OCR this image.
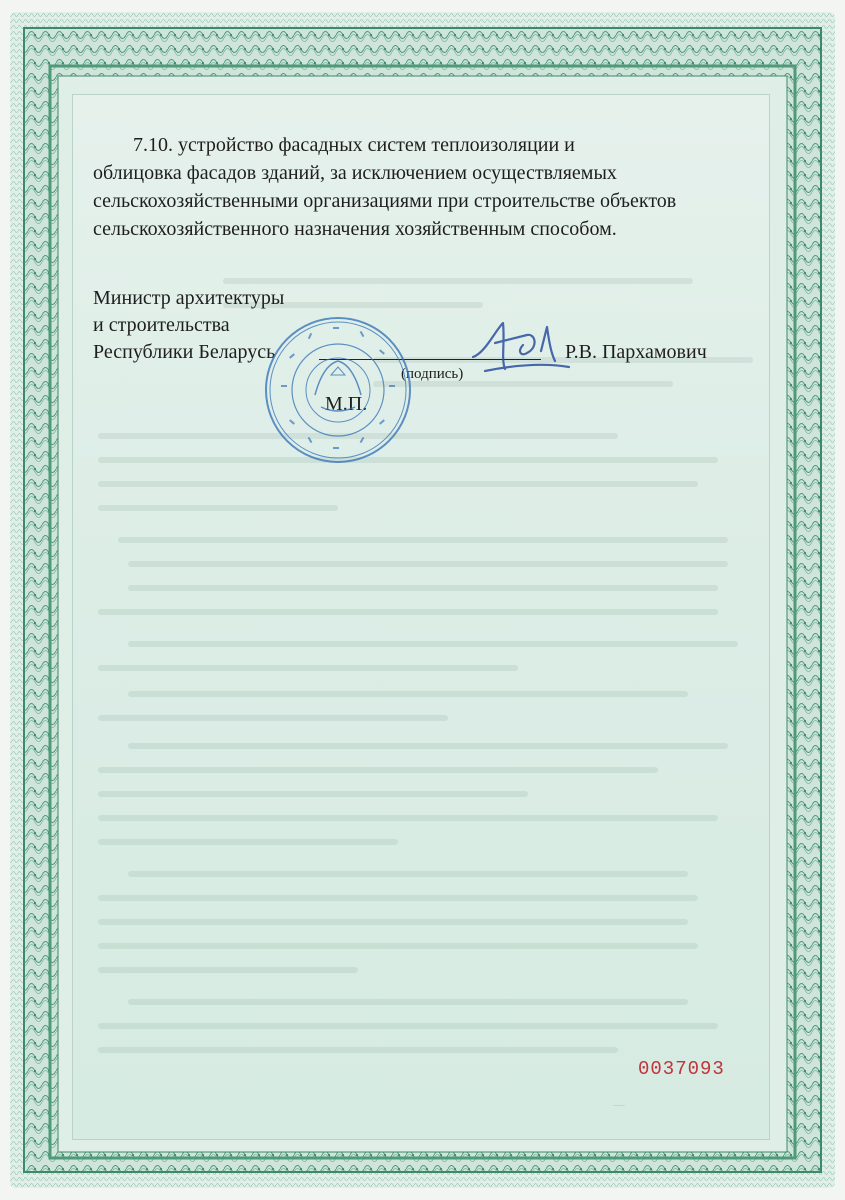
7.10. устройство фасадных систем теплоизоляции и

облицовка фасадов зданий, за исключением осуществляемых
сельскохозяйственными организациями при строительстве объектов
сельскохозяйственного назначения хозяйственным способом.
Министр архитектуры
и строительства
Республики Беларусь
(подпись)
Р.В. Пархамович
М.П.
0037093
······
